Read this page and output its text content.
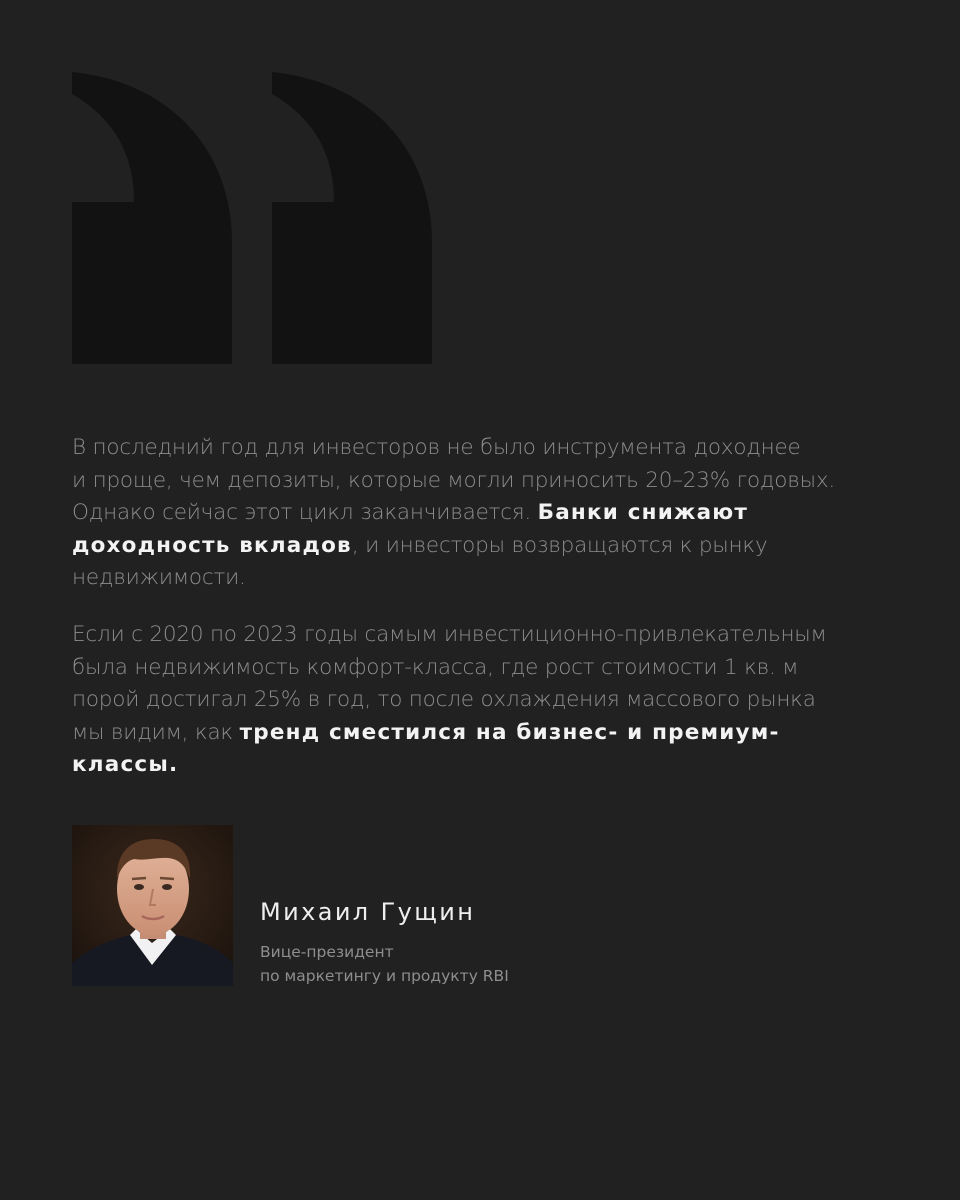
В последний год для инвесторов не было инструмента доходнее
и проще, чем депозиты, которые могли приносить 20–23% годовых.
Однако сейчас этот цикл заканчивается. Банки снижают
доходность вкладов, и инвесторы возвращаются к рынку
недвижимости.
Если с 2020 по 2023 годы самым инвестиционно-привлекательным
была недвижимость комфорт-класса, где рост стоимости 1 кв. м
порой достигал 25% в год, то после охлаждения массового рынка
мы видим, как тренд сместился на бизнес- и премиум-
классы.
Михаил Гущин
Вице-президент
по маркетингу и продукту RBI
